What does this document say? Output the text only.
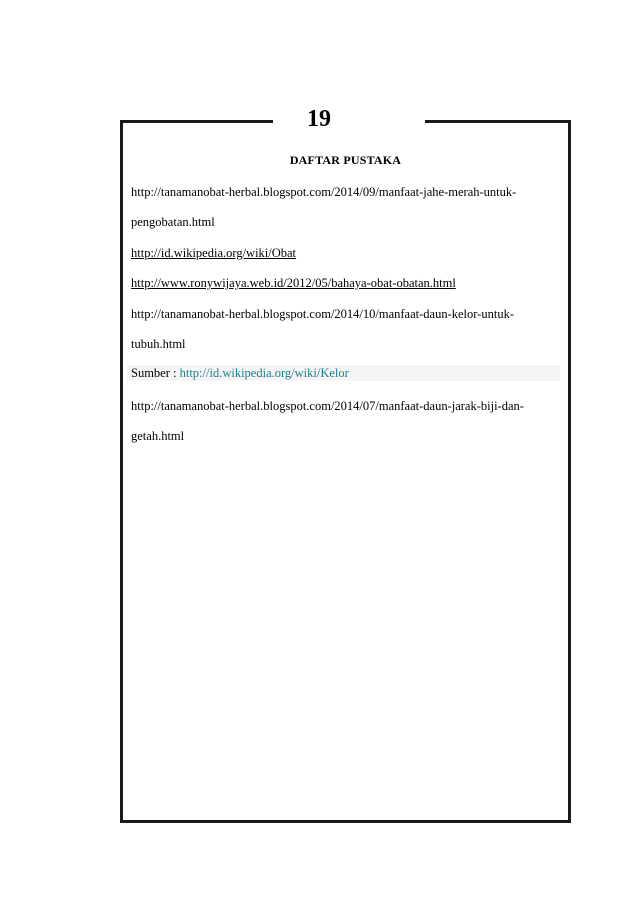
19
DAFTAR PUSTAKA
http://tanamanobat-herbal.blogspot.com/2014/09/manfaat-jahe-merah-untuk-
pengobatan.html
http://id.wikipedia.org/wiki/Obat
http://www.ronywijaya.web.id/2012/05/bahaya-obat-obatan.html
http://tanamanobat-herbal.blogspot.com/2014/10/manfaat-daun-kelor-untuk-
tubuh.html
Sumber : http://id.wikipedia.org/wiki/Kelor
http://tanamanobat-herbal.blogspot.com/2014/07/manfaat-daun-jarak-biji-dan-
getah.html
